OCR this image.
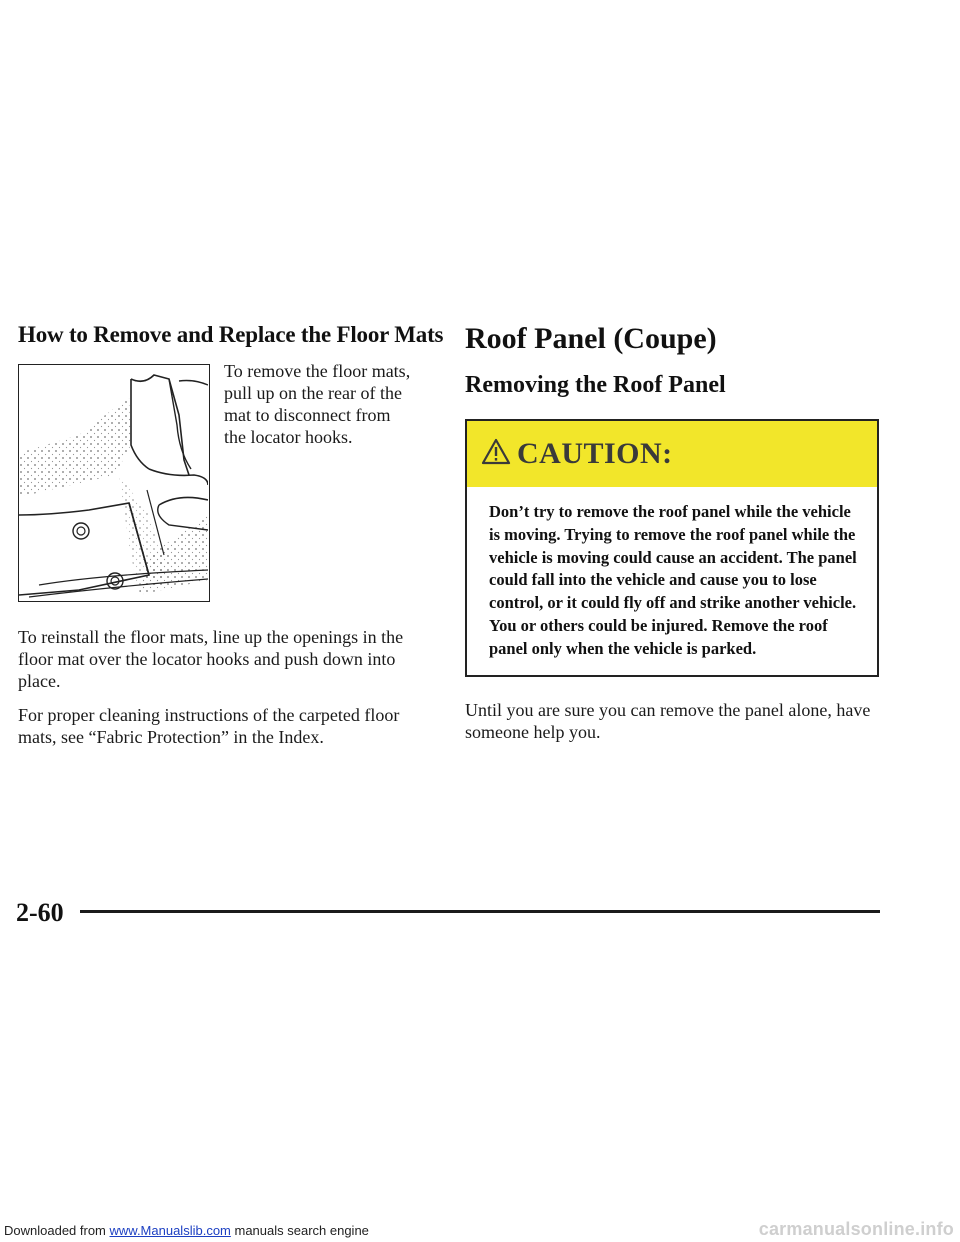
How to Remove and Replace the Floor Mats

To remove the floor mats, pull up on the rear of the mat to disconnect from the locator hooks.

To reinstall the floor mats, line up the openings in the floor mat over the locator hooks and push down into place.

For proper cleaning instructions of the carpeted floor mats, see “Fabric Protection” in the Index.

Roof Panel (Coupe)
Removing the Roof Panel
CAUTION:
Don’t try to remove the roof panel while the vehicle is moving. Trying to remove the roof panel while the vehicle is moving could cause an accident. The panel could fall into the vehicle and cause you to lose control, or it could fly off and strike another vehicle. You or others could be injured. Remove the roof panel only when the vehicle is parked.

Until you are sure you can remove the panel alone, have someone help you.

2-60

Downloaded from www.Manualslib.com manuals search engine	carmanualsonline.info
